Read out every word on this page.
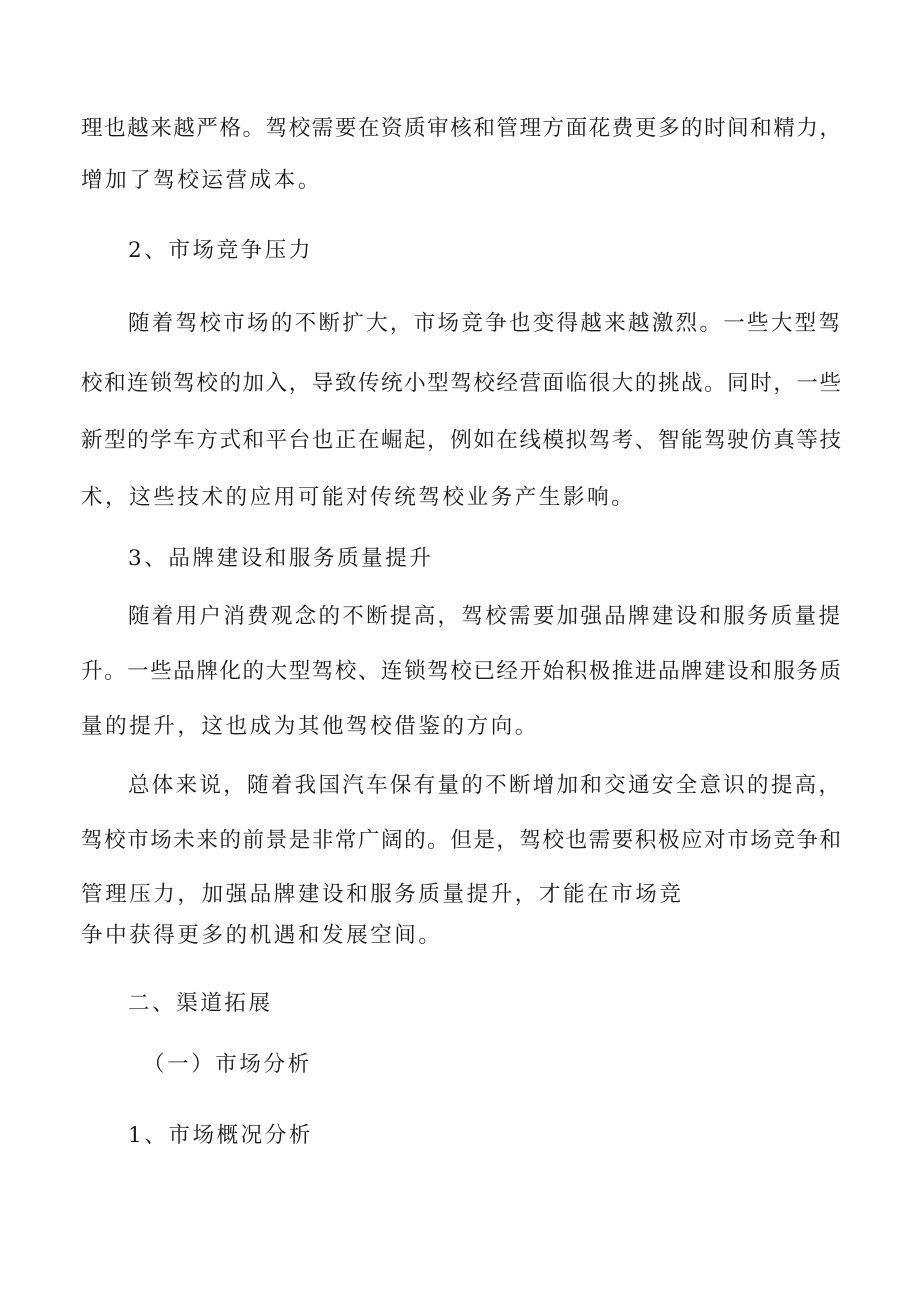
理也越来越严格。驾校需要在资质审核和管理方面花费更多的时间和精力，
增加了驾校运营成本。
2、市场竞争压力
随着驾校市场的不断扩大，市场竞争也变得越来越激烈。一些大型驾
校和连锁驾校的加入，导致传统小型驾校经营面临很大的挑战。同时，一些
新型的学车方式和平台也正在崛起，例如在线模拟驾考、智能驾驶仿真等技
术，这些技术的应用可能对传统驾校业务产生影响。
3、品牌建设和服务质量提升
随着用户消费观念的不断提高，驾校需要加强品牌建设和服务质量提
升。一些品牌化的大型驾校、连锁驾校已经开始积极推进品牌建设和服务质
量的提升，这也成为其他驾校借鉴的方向。
总体来说，随着我国汽车保有量的不断增加和交通安全意识的提高，
驾校市场未来的前景是非常广阔的。但是，驾校也需要积极应对市场竞争和
管理压力，加强品牌建设和服务质量提升，才能在市场竞
争中获得更多的机遇和发展空间。
二、渠道拓展
（一）市场分析
1、市场概况分析
